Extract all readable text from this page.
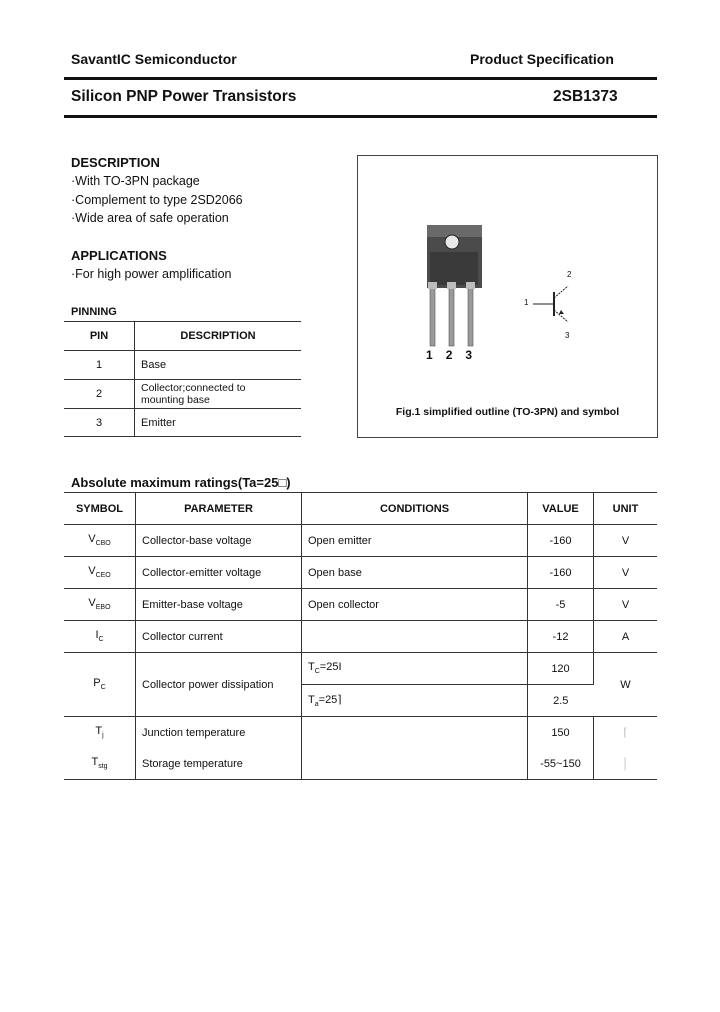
SavantIC Semiconductor	Product Specification
Silicon PNP Power Transistors	2SB1373
DESCRIPTION
·With TO-3PN package
·Complement to type 2SD2066
·Wide area of safe operation
APPLICATIONS
·For high power amplification
PINNING
PIN	DESCRIPTION
1	Base
2	Collector;connected to mounting base

3	Emitter
123
1
2
3
Fig.1 simplified outline (TO-3PN) and symbol
Absolute maximum ratings(Ta=25□)
SYMBOL	PARAMETER	CONDITIONS	VALUE	UNIT
$V_{CBO}$	Collector-base voltage	Open emitter	-160	V
$V_{CEO}$	Collector-emitter voltage	Open base	-160	V
$V_{EBO}$	Emitter-base voltage	Open collector	-5	V
$I_C$	Collector current		-12	A
$P_C$	Collector power dissipation	$T_C=25І$	120	W
		$T_a=25⌉$	2.5	
$T_j$	Junction temperature		150	⌈
$T_{stg}$	Storage temperature		-55~150	│
